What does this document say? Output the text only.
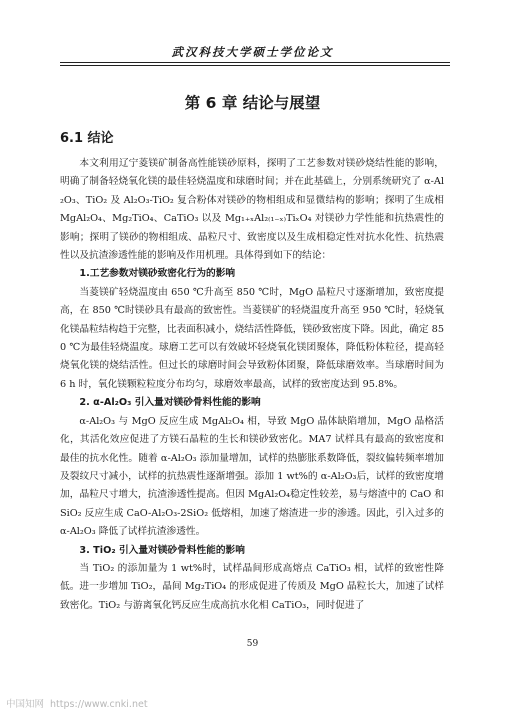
武汉科技大学硕士学位论文
第 6 章 结论与展望
6.1 结论

本文利用辽宁菱镁矿制备高性能镁砂原料，探明了工艺参数对镁砂烧结性能的影响，明确了制备轻烧氧化镁的最佳轻烧温度和球磨时间；并在此基础上，分别系统研究了 α-Al₂O₃、TiO₂ 及 Al₂O₃-TiO₂ 复合粉体对镁砂的物相组成和显微结构的影响；探明了生成相 MgAl₂O₄、Mg₂TiO₄、CaTiO₃ 以及 Mg₁₊ₓAl₂₍₁₋ₓ₎TiₓO₄ 对镁砂力学性能和抗热震性的影响；探明了镁砂的物相组成、晶粒尺寸、致密度以及生成相稳定性对抗水化性、抗热震性以及抗渣渗透性能的影响及作用机理。具体得到如下的结论：

1.工艺参数对镁砂致密化行为的影响

当菱镁矿轻烧温度由 650 ℃升高至 850 ℃时，MgO 晶粒尺寸逐渐增加，致密度提高，在 850 ℃时镁砂具有最高的致密性。当菱镁矿的轻烧温度升高至 950 ℃时，轻烧氧化镁晶粒结构趋于完整，比表面积减小，烧结活性降低，镁砂致密度下降。因此，确定 850 ℃为最佳轻烧温度。球磨工艺可以有效破坏轻烧氧化镁团聚体，降低粉体粒径，提高轻烧氧化镁的烧结活性。但过长的球磨时间会导致粉体团聚，降低球磨效率。当球磨时间为 6 h 时，氧化镁颗粒粒度分布均匀，球磨效率最高，试样的致密度达到 95.8%。

2. α-Al₂O₃ 引入量对镁砂骨料性能的影响

α-Al₂O₃ 与 MgO 反应生成 MgAl₂O₄ 相，导致 MgO 晶体缺陷增加，MgO 晶格活化，其活化效应促进了方镁石晶粒的生长和镁砂致密化。MA7 试样具有最高的致密度和最佳的抗水化性。随着 α-Al₂O₃ 添加量增加，试样的热膨胀系数降低，裂纹偏转频率增加及裂纹尺寸减小，试样的抗热震性逐渐增强。添加 1 wt%的 α-Al₂O₃后，试样的致密度增加，晶粒尺寸增大，抗渣渗透性提高。但因 MgAl₂O₄稳定性较差，易与熔渣中的 CaO 和 SiO₂ 反应生成 CaO-Al₂O₃-2SiO₂ 低熔相，加速了熔渣进一步的渗透。因此，引入过多的 α-Al₂O₃ 降低了试样抗渣渗透性。

3. TiO₂ 引入量对镁砂骨料性能的影响

当 TiO₂ 的添加量为 1 wt%时，试样晶间形成高熔点 CaTiO₃ 相，试样的致密性降低。进一步增加 TiO₂，晶间 Mg₂TiO₄ 的形成促进了传质及 MgO 晶粒长大，加速了试样致密化。TiO₂ 与游离氧化钙反应生成高抗水化相 CaTiO₃，同时促进了

59
中国知网  https://www.cnki.net
